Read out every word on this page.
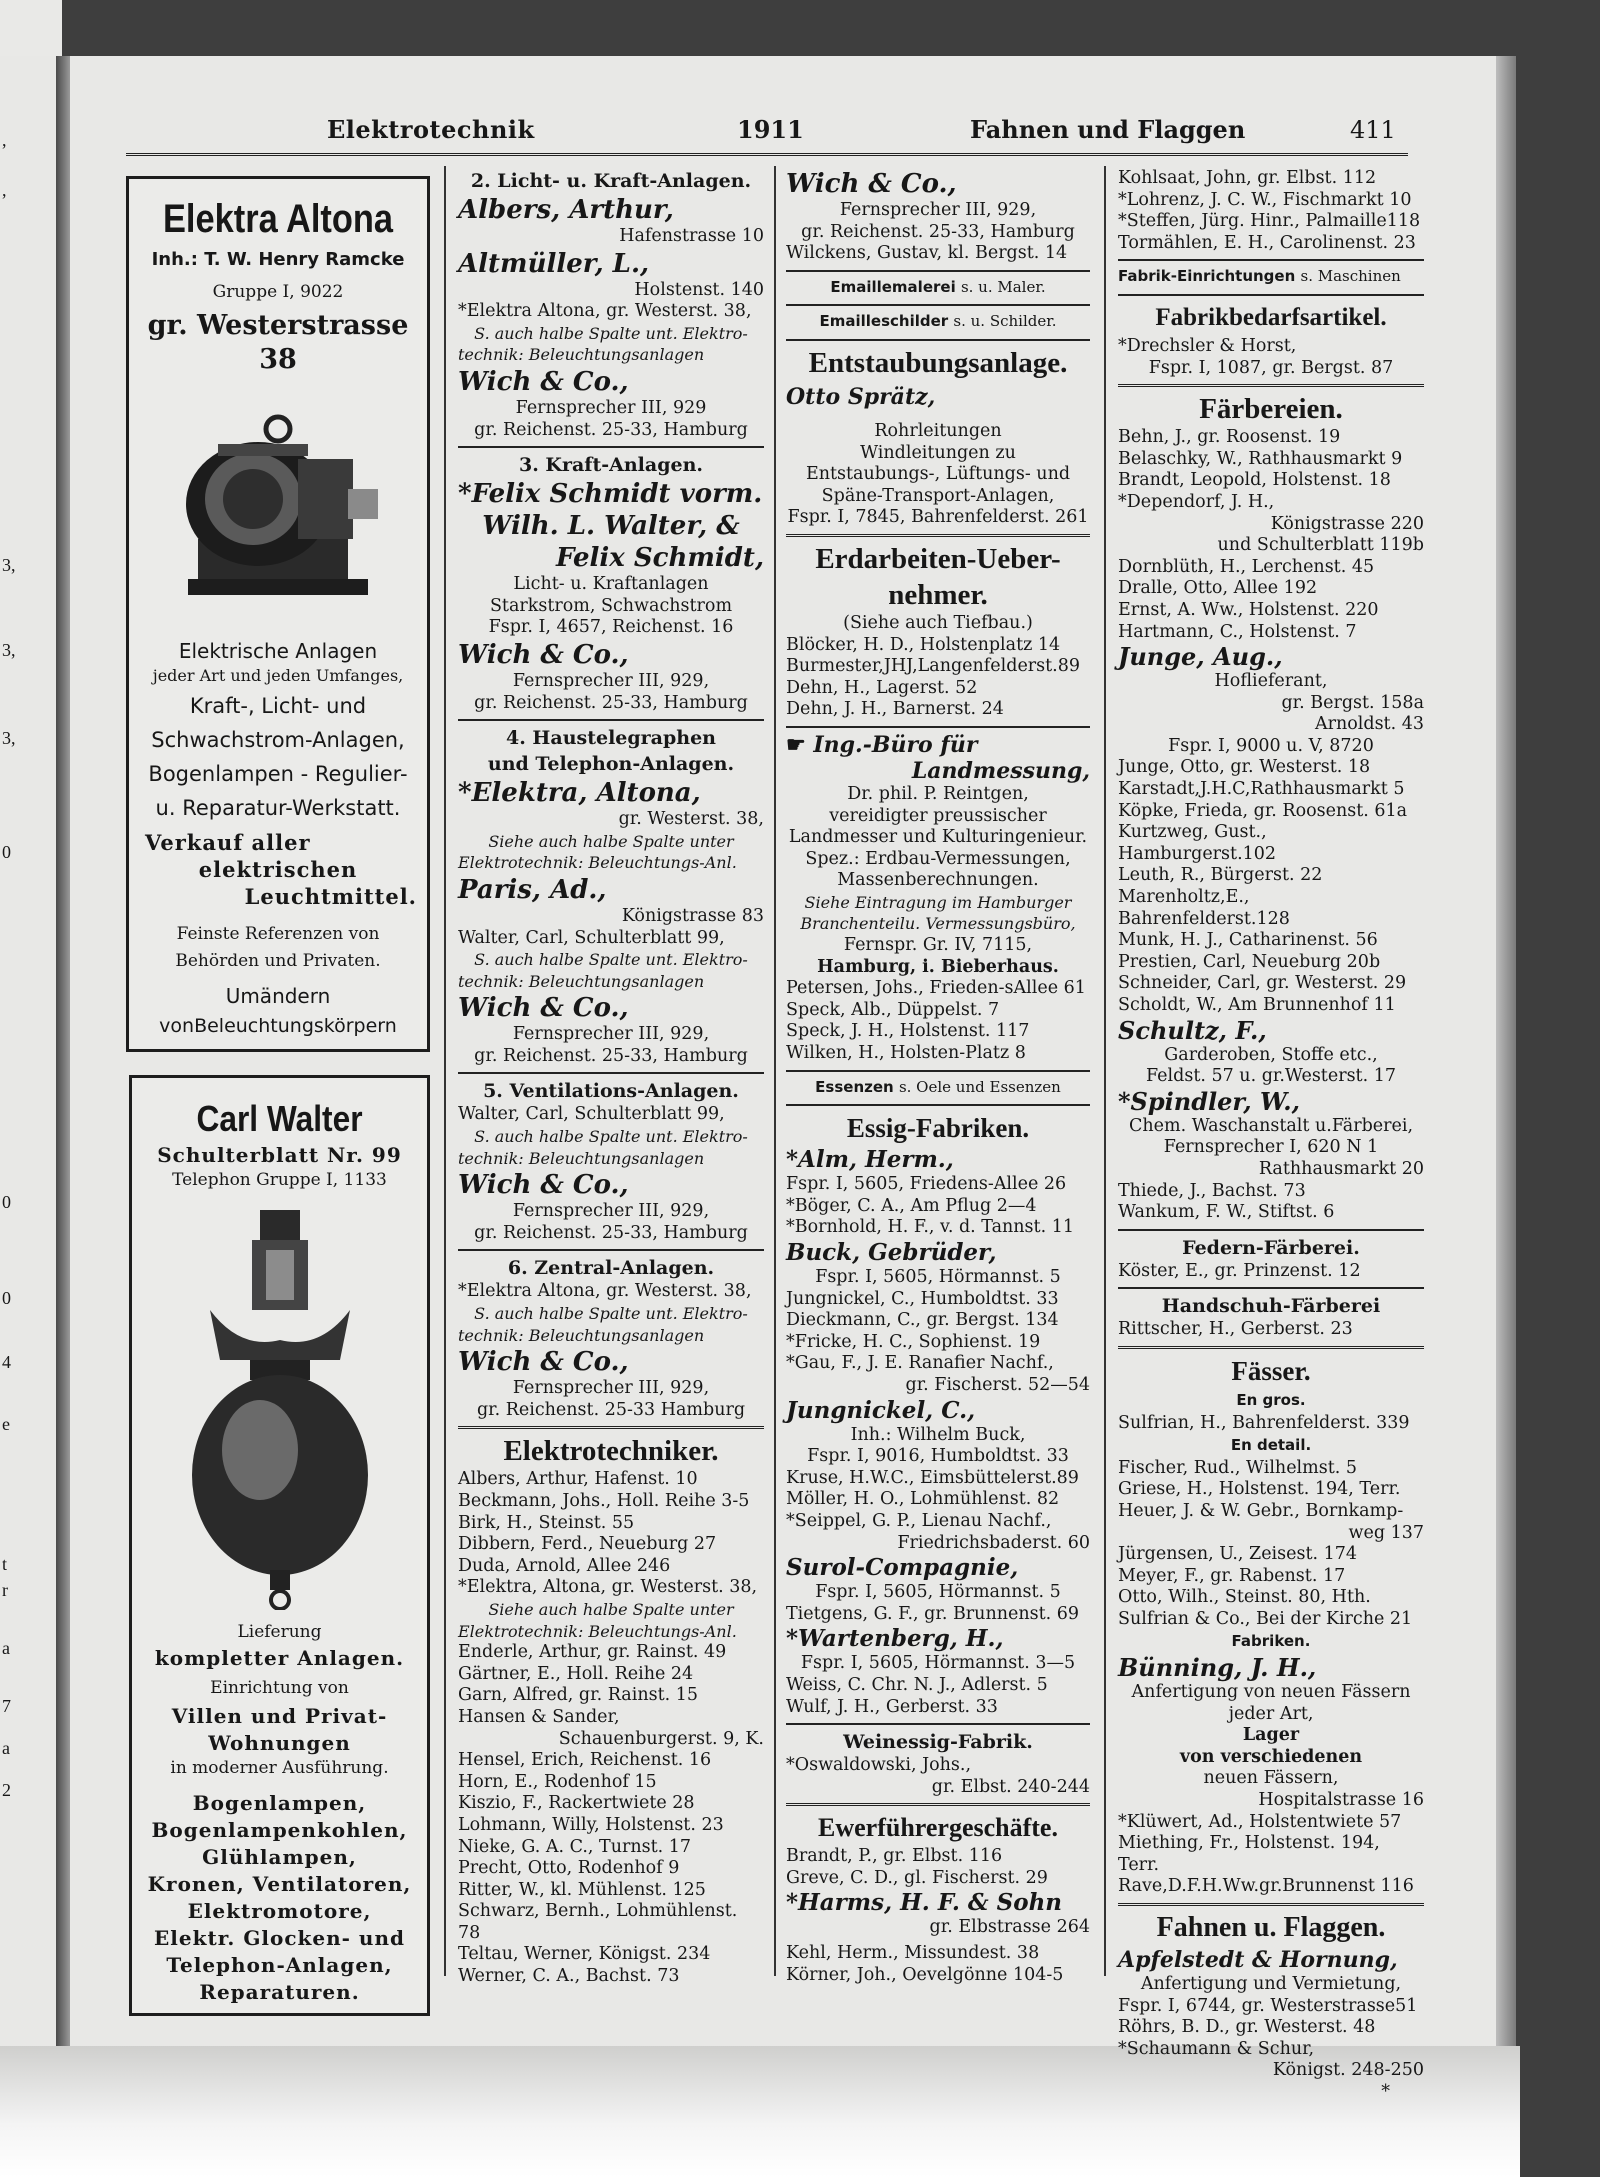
,
,
3,
3,
3,
0
0
0
4
e
t
r
a
7
a
2
Elektrotechnik	1911	Fahnen und Flaggen	411

Elektra Altona

Inh.: T. W. Henry Ramcke

Gruppe I, 9022

gr. Westerstrasse 38

Elektrische Anlagen

jeder Art und jeden Umfanges,

Kraft-, Licht- und

Schwachstrom-Anlagen,

Bogenlampen - Regulier-

u. Reparatur-Werkstatt.

Verkauf aller

elektrischen

Leuchtmittel.

Feinste Referenzen von

Behörden und Privaten.

Umändern

vonBeleuchtungskörpern

Carl Walter

Schulterblatt Nr. 99

Telephon Gruppe I, 1133

Lieferung

kompletter Anlagen.

Einrichtung von

Villen und Privat-

Wohnungen

in moderner Ausführung.

Bogenlampen,

Bogenlampenkohlen,

Glühlampen,

Kronen, Ventilatoren,

Elektromotore,

Elektr. Glocken- und

Telephon-Anlagen,

Reparaturen.

2. Licht- u. Kraft-Anlagen.

Albers, Arthur,

Hafenstrasse 10

Altmüller, L.,

Holstenst. 140

*Elektra Altona, gr. Westerst. 38,

S. auch halbe Spalte unt. Elektro-

technik: Beleuchtungsanlagen

Wich & Co.,

Fernsprecher III, 929

gr. Reichenst. 25-33, Hamburg

3. Kraft-Anlagen.

*Felix Schmidt vorm.

Wilh. L. Walter, &

Felix Schmidt,

Licht- u. Kraftanlagen

Starkstrom, Schwachstrom

Fspr. I, 4657, Reichenst. 16

Wich & Co.,

Fernsprecher III, 929,

gr. Reichenst. 25-33, Hamburg

4. Haustelegraphen

und Telephon-Anlagen.

*Elektra, Altona,

gr. Westerst. 38,

Siehe auch halbe Spalte unter

Elektrotechnik: Beleuchtungs-Anl.

Paris, Ad.,

Königstrasse 83

Walter, Carl, Schulterblatt 99,

S. auch halbe Spalte unt. Elektro-

technik: Beleuchtungsanlagen

Wich & Co.,

Fernsprecher III, 929,

gr. Reichenst. 25-33, Hamburg

5. Ventilations-Anlagen.

Walter, Carl, Schulterblatt 99,

S. auch halbe Spalte unt. Elektro-

technik: Beleuchtungsanlagen

Wich & Co.,

Fernsprecher III, 929,

gr. Reichenst. 25-33, Hamburg

6. Zentral-Anlagen.

*Elektra Altona, gr. Westerst. 38,

S. auch halbe Spalte unt. Elektro-

technik: Beleuchtungsanlagen

Wich & Co.,

Fernsprecher III, 929,

gr. Reichenst. 25-33 Hamburg

Elektrotechniker.

Albers, Arthur, Hafenst. 10

Beckmann, Johs., Holl. Reihe 3-5

Birk, H., Steinst. 55

Dibbern, Ferd., Neueburg 27

Duda, Arnold, Allee 246

*Elektra, Altona, gr. Westerst. 38,

Siehe auch halbe Spalte unter

Elektrotechnik: Beleuchtungs-Anl.

Enderle, Arthur, gr. Rainst. 49

Gärtner, E., Holl. Reihe 24

Garn, Alfred, gr. Rainst. 15

Hansen & Sander,

Schauenburgerst. 9, K.

Hensel, Erich, Reichenst. 16

Horn, E., Rodenhof 15

Kiszio, F., Rackertwiete 28

Lohmann, Willy, Holstenst. 23

Nieke, G. A. C., Turnst. 17

Precht, Otto, Rodenhof 9

Ritter, W., kl. Mühlenst. 125

Schwarz, Bernh., Lohmühlenst. 78

Teltau, Werner, Königst. 234

Werner, C. A., Bachst. 73

Wich & Co.,

Fernsprecher III, 929,

gr. Reichenst. 25-33, Hamburg

Wilckens, Gustav, kl. Bergst. 14

Emaillemalerei s. u. Maler.

Emailleschilder s. u. Schilder.

Entstaubungsanlage.

Otto Sprätz,

Rohrleitungen

Windleitungen zu

Entstaubungs-, Lüftungs- und

Späne-Transport-Anlagen,

Fspr. I, 7845, Bahrenfelderst. 261

Erdarbeiten-Ueber-

nehmer.

(Siehe auch Tiefbau.)

Blöcker, H. D., Holstenplatz 14

Burmester,JHJ,Langenfelderst.89

Dehn, H., Lagerst. 52

Dehn, J. H., Barnerst. 24

☛ Ing.-Büro für

Landmessung,

Dr. phil. P. Reintgen,

vereidigter preussischer

Landmesser und Kulturingenieur.

Spez.: Erdbau-Vermessungen,

Massenberechnungen.

Siehe Eintragung im Hamburger

Branchenteilu. Vermessungsbüro,

Fernspr. Gr. IV, 7115,

Hamburg, i. Bieberhaus.

Petersen, Johs., Frieden-sAllee 61

Speck, Alb., Düppelst. 7

Speck, J. H., Holstenst. 117

Wilken, H., Holsten-Platz 8

Essenzen s. Oele und Essenzen

Essig-Fabriken.

*Alm, Herm.,

Fspr. I, 5605, Friedens-Allee 26

*Böger, C. A., Am Pflug 2—4

*Bornhold, H. F., v. d. Tannst. 11

Buck, Gebrüder,

Fspr. I, 5605, Hörmannst. 5

Jungnickel, C., Humboldtst. 33

Dieckmann, C., gr. Bergst. 134

*Fricke, H. C., Sophienst. 19

*Gau, F., J. E. Ranafier Nachf.,

gr. Fischerst. 52—54

Jungnickel, C.,

Inh.: Wilhelm Buck,

Fspr. I, 9016, Humboldtst. 33

Kruse, H.W.C., Eimsbüttelerst.89

Möller, H. O., Lohmühlenst. 82

*Seippel, G. P., Lienau Nachf.,

Friedrichsbaderst. 60

Surol-Compagnie,

Fspr. I, 5605, Hörmannst. 5

Tietgens, G. F., gr. Brunnenst. 69

*Wartenberg, H.,

Fspr. I, 5605, Hörmannst. 3—5

Weiss, C. Chr. N. J., Adlerst. 5

Wulf, J. H., Gerberst. 33

Weinessig-Fabrik.

*Oswaldowski, Johs.,

gr. Elbst. 240-244

Ewerführergeschäfte.

Brandt, P., gr. Elbst. 116

Greve, C. D., gl. Fischerst. 29

*Harms, H. F. & Sohn

gr. Elbstrasse 264

Kehl, Herm., Missundest. 38

Körner, Joh., Oevelgönne 104-5

Kohlsaat, John, gr. Elbst. 112

*Lohrenz, J. C. W., Fischmarkt 10

*Steffen, Jürg. Hinr., Palmaille118

Tormählen, E. H., Carolinenst. 23

Fabrik-Einrichtungen s. Maschinen

Fabrikbedarfsartikel.

*Drechsler & Horst,

Fspr. I, 1087, gr. Bergst. 87

Färbereien.

Behn, J., gr. Roosenst. 19

Belaschky, W., Rathhausmarkt 9

Brandt, Leopold, Holstenst. 18

*Dependorf, J. H.,

Königstrasse 220

und Schulterblatt 119b

Dornblüth, H., Lerchenst. 45

Dralle, Otto, Allee 192

Ernst, A. Ww., Holstenst. 220

Hartmann, C., Holstenst. 7

Junge, Aug.,

Hoflieferant,

gr. Bergst. 158a

Arnoldst. 43

Fspr. I, 9000 u. V, 8720

Junge, Otto, gr. Westerst. 18

Karstadt,J.H.C,Rathhausmarkt 5

Köpke, Frieda, gr. Roosenst. 61a

Kurtzweg, Gust., Hamburgerst.102

Leuth, R., Bürgerst. 22

Marenholtz,E., Bahrenfelderst.128

Munk, H. J., Catharinenst. 56

Prestien, Carl, Neueburg 20b

Schneider, Carl, gr. Westerst. 29

Scholdt, W., Am Brunnenhof 11

Schultz, F.,

Garderoben, Stoffe etc.,

Feldst. 57 u. gr.Westerst. 17

*Spindler, W.,

Chem. Waschanstalt u.Färberei,

Fernsprecher I, 620 N 1

Rathhausmarkt 20

Thiede, J., Bachst. 73

Wankum, F. W., Stiftst. 6

Federn-Färberei.

Köster, E., gr. Prinzenst. 12

Handschuh-Färberei

Rittscher, H., Gerberst. 23

Fässer.

En gros.

Sulfrian, H., Bahrenfelderst. 339

En detail.

Fischer, Rud., Wilhelmst. 5

Griese, H., Holstenst. 194, Terr.

Heuer, J. & W. Gebr., Bornkamp-

weg 137

Jürgensen, U., Zeisest. 174

Meyer, F., gr. Rabenst. 17

Otto, Wilh., Steinst. 80, Hth.

Sulfrian & Co., Bei der Kirche 21

Fabriken.

Bünning, J. H.,

Anfertigung von neuen Fässern

jeder Art,

Lager

von verschiedenen

neuen Fässern,

Hospitalstrasse 16

*Klüwert, Ad., Holstentwiete 57

Miething, Fr., Holstenst. 194, Terr.

Rave,D.F.H.Ww.gr.Brunnenst 116

Fahnen u. Flaggen.

Apfelstedt & Hornung,

Anfertigung und Vermietung,

Fspr. I, 6744, gr. Westerstrasse51

Röhrs, B. D., gr. Westerst. 48

*Schaumann & Schur,

Königst. 248-250

*
